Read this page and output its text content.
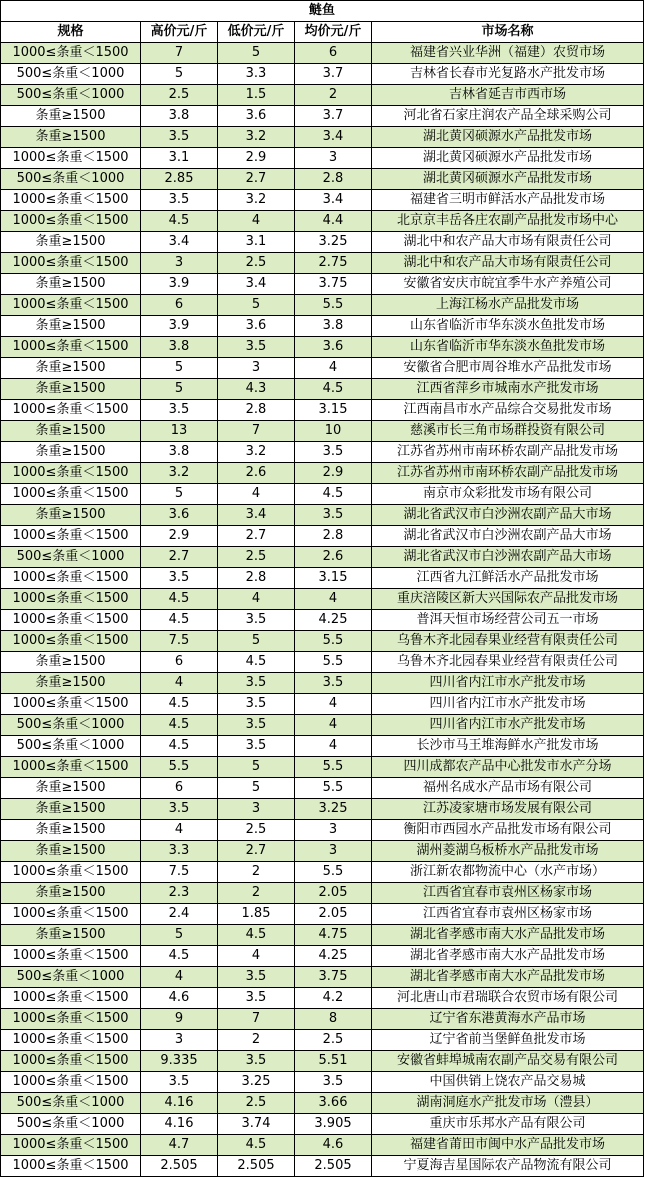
鲢鱼				
规格	高价元/斤	低价元/斤	均价元/斤	市场名称
1000≤条重＜1500	7	5	6	福建省兴业华洲（福建）农贸市场
500≤条重＜1000	5	3.3	3.7	吉林省长春市光复路水产批发市场
500≤条重＜1000	2.5	1.5	2	吉林省延吉市西市场
条重≥1500	3.8	3.6	3.7	河北省石家庄润农产品全球采购公司
条重≥1500	3.5	3.2	3.4	湖北黄冈硕源水产品批发市场
1000≤条重＜1500	3.1	2.9	3	湖北黄冈硕源水产品批发市场
500≤条重＜1000	2.85	2.7	2.8	湖北黄冈硕源水产品批发市场
1000≤条重＜1500	3.5	3.2	3.4	福建省三明市鲜活水产品批发市场
1000≤条重＜1500	4.5	4	4.4	北京京丰岳各庄农副产品批发市场中心
条重≥1500	3.4	3.1	3.25	湖北中和农产品大市场有限责任公司
1000≤条重＜1500	3	2.5	2.75	湖北中和农产品大市场有限责任公司
条重≥1500	3.9	3.4	3.75	安徽省安庆市皖宜季牛水产养殖公司
1000≤条重＜1500	6	5	5.5	上海江杨水产品批发市场
条重≥1500	3.9	3.6	3.8	山东省临沂市华东淡水鱼批发市场
1000≤条重＜1500	3.8	3.5	3.6	山东省临沂市华东淡水鱼批发市场
条重≥1500	5	3	4	安徽省合肥市周谷堆水产品批发市场
条重≥1500	5	4.3	4.5	江西省萍乡市城南水产批发市场
1000≤条重＜1500	3.5	2.8	3.15	江西南昌市水产品综合交易批发市场
条重≥1500	13	7	10	慈溪市长三角市场群投资有限公司
条重≥1500	3.8	3.2	3.5	江苏省苏州市南环桥农副产品批发市场
1000≤条重＜1500	3.2	2.6	2.9	江苏省苏州市南环桥农副产品批发市场
1000≤条重＜1500	5	4	4.5	南京市众彩批发市场有限公司
条重≥1500	3.6	3.4	3.5	湖北省武汉市白沙洲农副产品大市场
1000≤条重＜1500	2.9	2.7	2.8	湖北省武汉市白沙洲农副产品大市场
500≤条重＜1000	2.7	2.5	2.6	湖北省武汉市白沙洲农副产品大市场
1000≤条重＜1500	3.5	2.8	3.15	江西省九江鲜活水产品批发市场
1000≤条重＜1500	4.5	4	4	重庆涪陵区新大兴国际农产品批发市场
1000≤条重＜1500	4.5	3.5	4.25	普洱天恒市场经营公司五一市场
1000≤条重＜1500	7.5	5	5.5	乌鲁木齐北园春果业经营有限责任公司
条重≥1500	6	4.5	5.5	乌鲁木齐北园春果业经营有限责任公司
条重≥1500	4	3.5	3.5	四川省内江市水产批发市场
1000≤条重＜1500	4.5	3.5	4	四川省内江市水产批发市场
500≤条重＜1000	4.5	3.5	4	四川省内江市水产批发市场
500≤条重＜1000	4.5	3.5	4	长沙市马王堆海鲜水产批发市场
1000≤条重＜1500	5.5	5	5.5	四川成都农产品中心批发市水产分场
条重≥1500	6	5	5.5	福州名成水产品市场有限公司
条重≥1500	3.5	3	3.25	江苏凌家塘市场发展有限公司
条重≥1500	4	2.5	3	衡阳市西园水产品批发市场有限公司
条重≥1500	3.3	2.7	3	湖州菱湖乌板桥水产品批发市场
1000≤条重＜1500	7.5	2	5.5	浙江新农都物流中心（水产市场）
条重≥1500	2.3	2	2.05	江西省宜春市袁州区杨家市场
1000≤条重＜1500	2.4	1.85	2.05	江西省宜春市袁州区杨家市场
条重≥1500	5	4.5	4.75	湖北省孝感市南大水产品批发市场
1000≤条重＜1500	4.5	4	4.25	湖北省孝感市南大水产品批发市场
500≤条重＜1000	4	3.5	3.75	湖北省孝感市南大水产品批发市场
1000≤条重＜1500	4.6	3.5	4.2	河北唐山市君瑞联合农贸市场有限公司
1000≤条重＜1500	9	7	8	辽宁省东港黄海水产品市场
1000≤条重＜1500	3	2	2.5	辽宁省前当堡鲜鱼批发市场
1000≤条重＜1500	9.335	3.5	5.51	安徽省蚌埠城南农副产品交易有限公司
1000≤条重＜1500	3.5	3.25	3.5	中国供销上饶农产品交易城
500≤条重＜1000	4.16	2.5	3.66	湖南洞庭水产批发市场（澧县）
500≤条重＜1000	4.16	3.74	3.905	重庆市乐邦水产品有限公司
1000≤条重＜1500	4.7	4.5	4.6	福建省莆田市闽中水产品批发市场
1000≤条重＜1500	2.505	2.505	2.505	宁夏海吉星国际农产品物流有限公司
